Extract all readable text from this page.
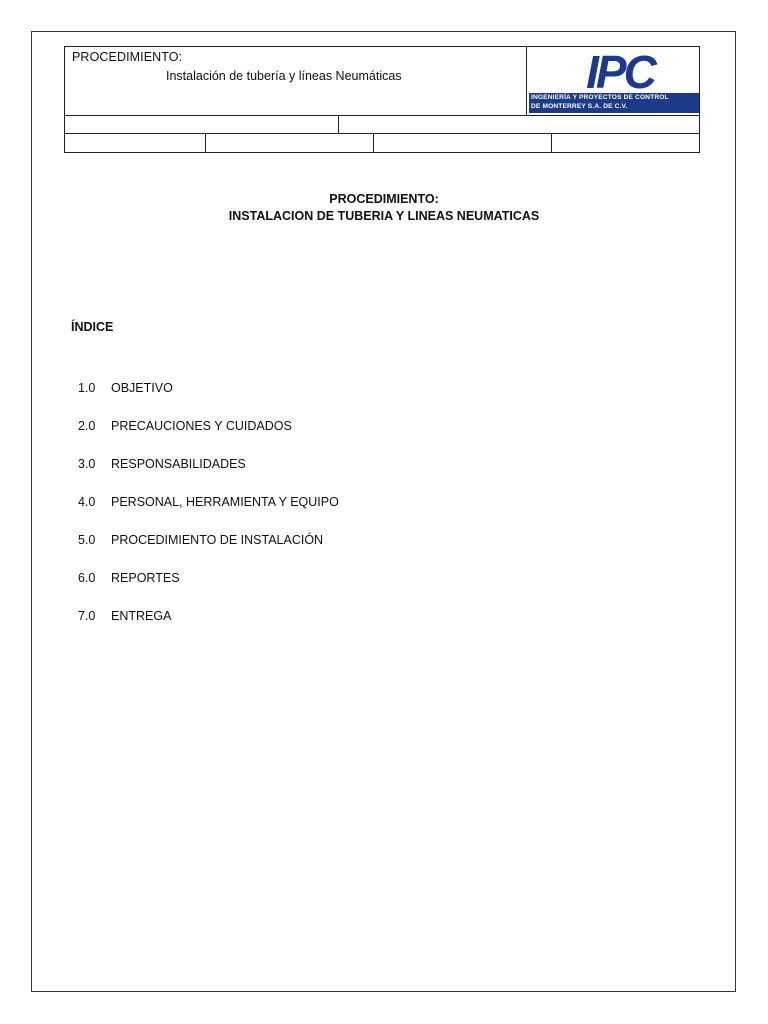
PROCEDIMIENTO:
Instalación de tubería y líneas Neumáticas	IPC
INGENIERÍA Y PROYECTOS DE CONTROL
DE MONTERREY S.A. DE C.V.
PROCEDIMIENTO:
INSTALACION DE TUBERIA Y LINEAS NEUMATICAS
ÍNDICE
1.0	OBJETIVO
2.0	PRECAUCIONES Y CUIDADOS
3.0	RESPONSABILIDADES
4.0	PERSONAL, HERRAMIENTA Y EQUIPO
5.0	PROCEDIMIENTO DE INSTALACIÓN
6.0	REPORTES
7.0	ENTREGA
